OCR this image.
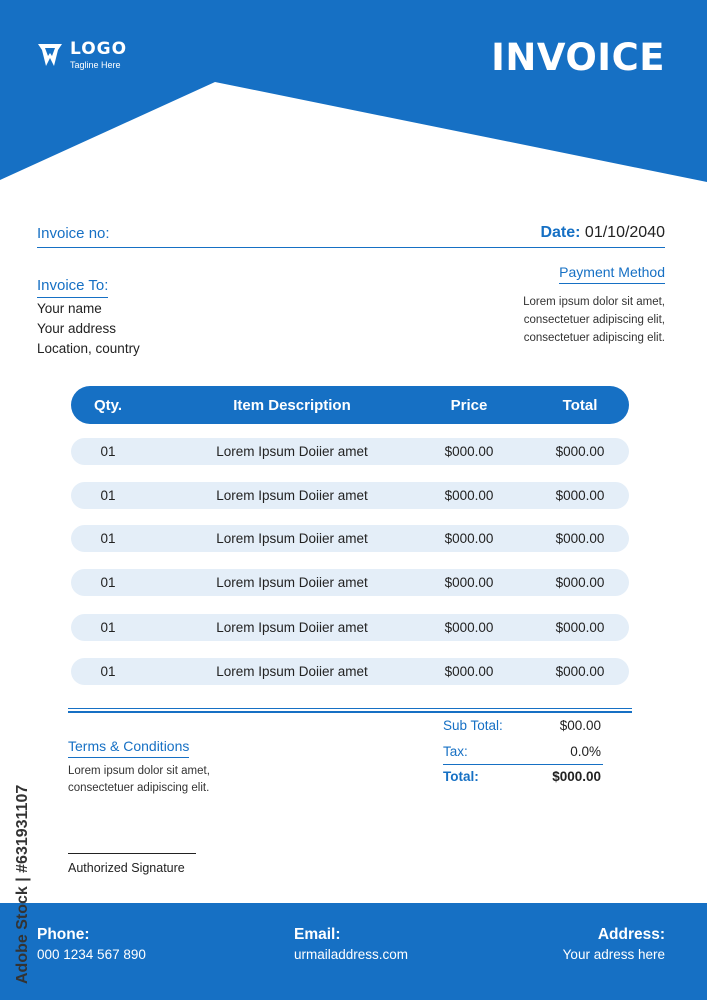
LOGO
Tagline Here	INVOICE
Invoice no:	Date: 01/10/2040
Invoice To:
Your name
Your address
Location, country
Payment Method
Lorem ipsum dolor sit amet,
consectetuer adipiscing elit,
consectetuer adipiscing elit.
Qty.	Item Description	Price	Total
01	Lorem Ipsum Doiier amet	$000.00	$000.00
01	Lorem Ipsum Doiier amet	$000.00	$000.00
01	Lorem Ipsum Doiier amet	$000.00	$000.00
01	Lorem Ipsum Doiier amet	$000.00	$000.00
01	Lorem Ipsum Doiier amet	$000.00	$000.00
01	Lorem Ipsum Doiier amet	$000.00	$000.00
Terms & Conditions
Lorem ipsum dolor sit amet,
consectetuer adipiscing elit.
Sub Total:	$00.00
Tax:	0.0%
Total:	$000.00
Authorized Signature
Phone:
000 1234 567 890
Email:
urmailaddress.com
Address:
Your adress here
Adobe Stock | #631931107
